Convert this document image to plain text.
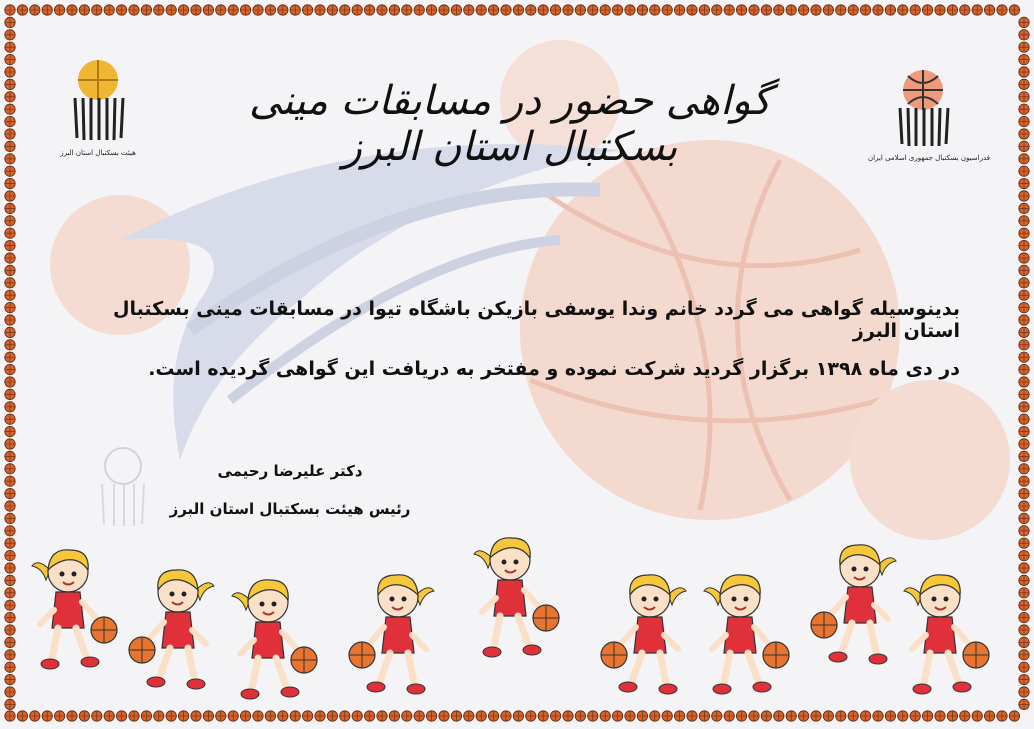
هیئت بسکتبال استان البرز
فدراسیون بسکتبال جمهوری اسلامی ایران
گواهی حضور در مسابقات مینی بسکتبال استان البرز
بدینوسیله گواهی می گردد خانم وندا یوسفی بازیکن باشگاه تیوا در مسابقات مینی بسکتبال استان البرز
در دی ماه ۱۳۹۸ برگزار گردید شرکت نموده و مفتخر به دریافت این گواهی گردیده است.
دکتر علیرضا رحیمی
رئیس هیئت بسکتبال استان البرز
